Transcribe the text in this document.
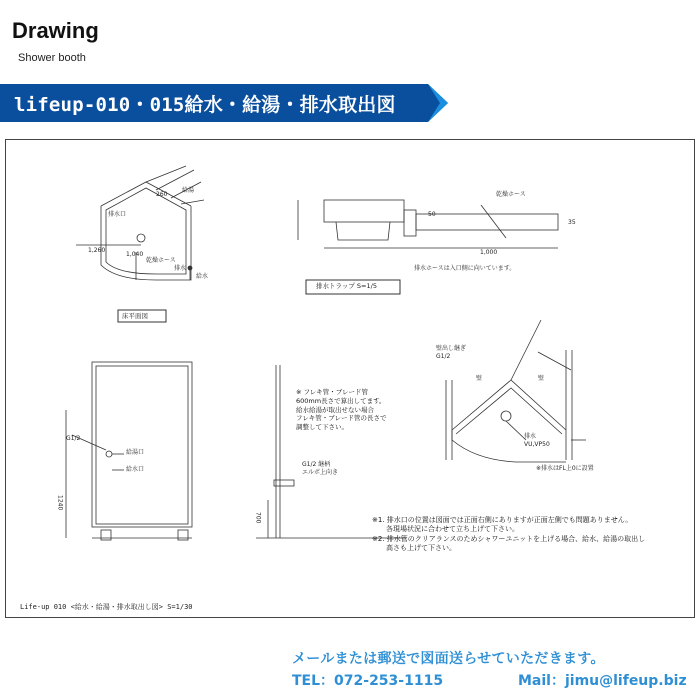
Drawing
Shower booth
lifeup-010・015給水・給湯・排水取出図
給湯
排水口
260
1,260
1,040
乾燥ホース
排水
給水
床平面図
乾燥ホース
50
35
1,000
排水ホースは入口側に向いています。
排水トラップ S=1/5
G1/2
給湯口
給水口
1240
700
※ フレキ管・ブレード管
600mm長さで算出してます。
給水給湯が取出せない場合
フレキ管・ブレード管の長さで
調整して下さい。
G1/2 継柄
エルボ上向き
壁出し継ぎ
G1/2
壁	壁
排水
VU,VP50
※排水はFL上0に設置
※1. 排水口の位置は図面では正面右側にありますが正面左側でも問題ありません。
各現場状況に合わせて立ち上げて下さい。
※2. 排水管のクリアランスのためシャワーユニットを上げる場合、給水、給湯の取出し
高さも上げて下さい。
Life-up 010 <給水・給湯・排水取出し図> S=1/30
メールまたは郵送で図面送らせていただきます。
TEL：072-253-1115	Mail：jimu@lifeup.biz
